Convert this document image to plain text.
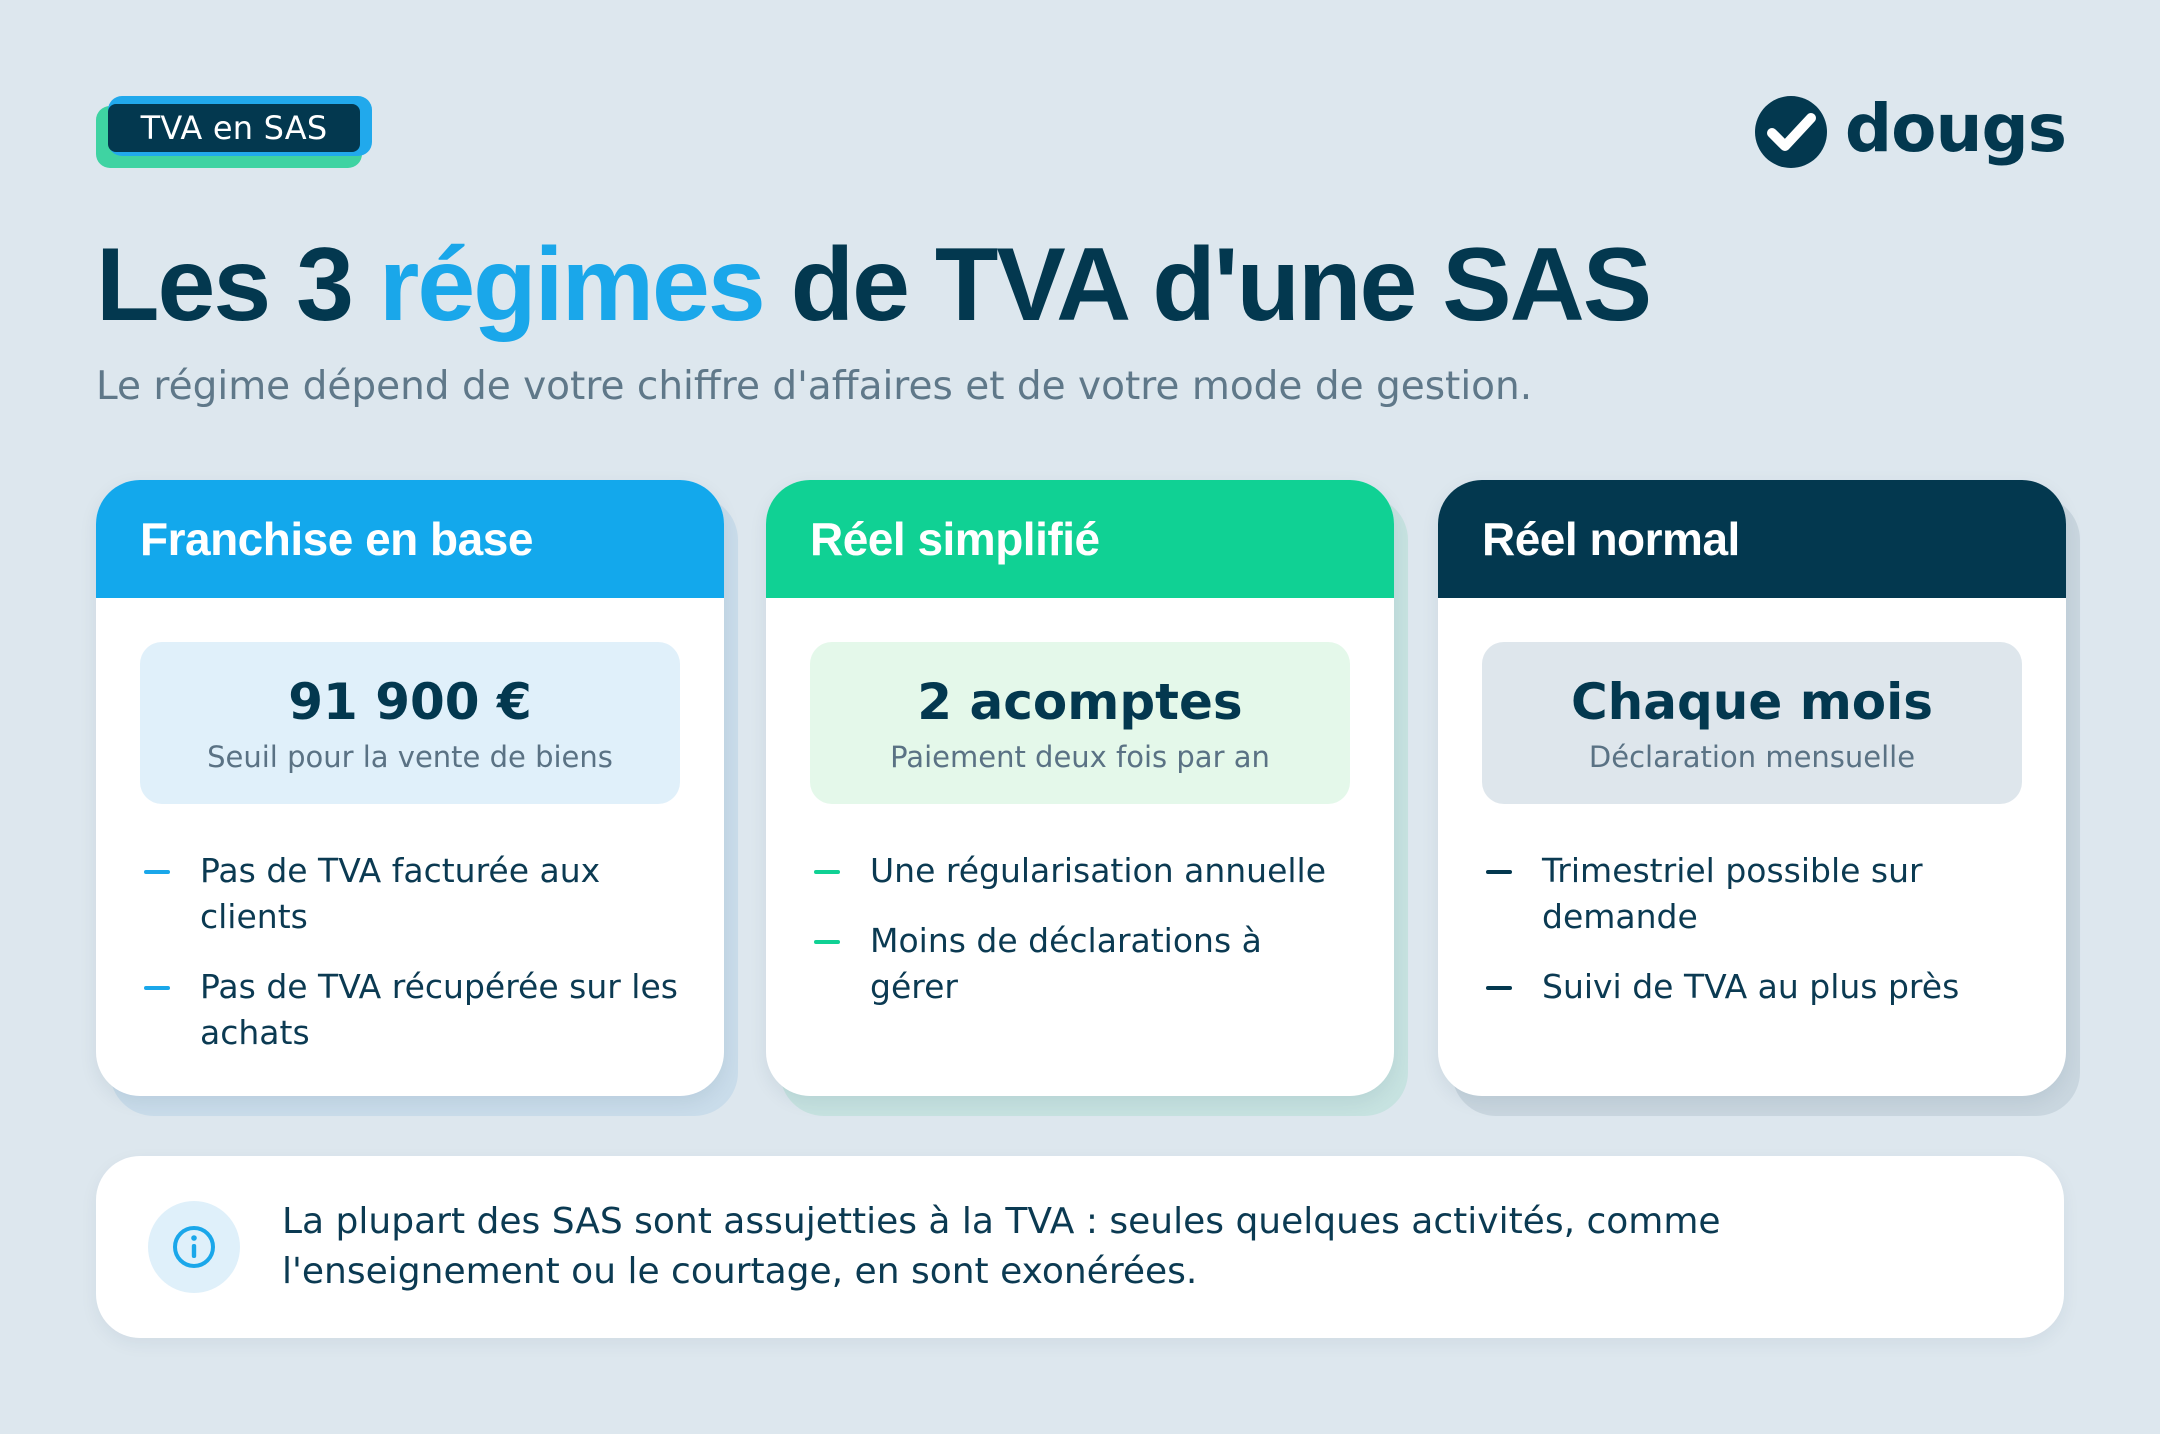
TVA en SAS	dougs
Les 3 régimes de TVA d'une SAS

Le régime dépend de votre chiffre d'affaires et de votre mode de gestion.

Franchise en base
91 900 €
Seuil pour la vente de biens
Pas de TVA facturée aux clients
Pas de TVA récupérée sur les achats
Réel simplifié
2 acomptes
Paiement deux fois par an
Une régularisation annuelle
Moins de déclarations à gérer
Réel normal
Chaque mois
Déclaration mensuelle
Trimestriel possible sur demande
Suivi de TVA au plus près

La plupart des SAS sont assujetties à la TVA : seules quelques activités, comme l'enseignement ou le courtage, en sont exonérées.
